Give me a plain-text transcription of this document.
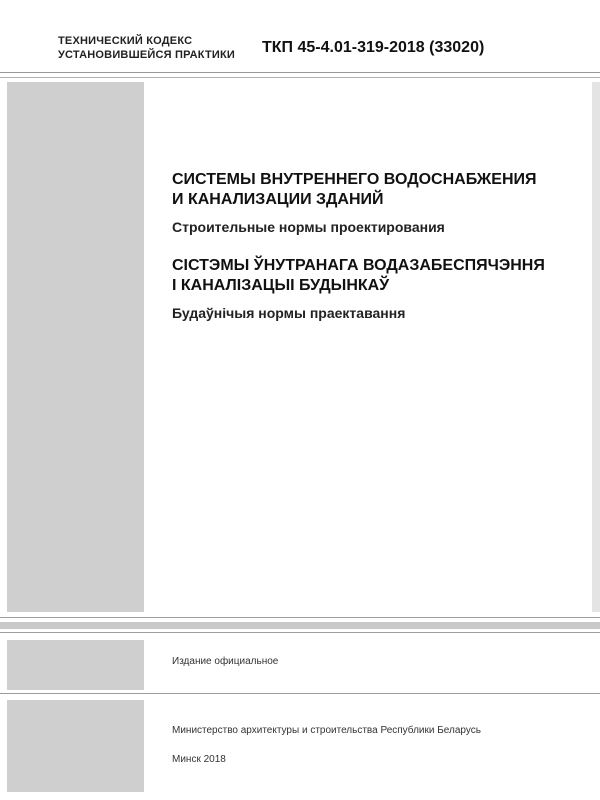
ТЕХНИЧЕСКИЙ КОДЕКС
УСТАНОВИВШЕЙСЯ ПРАКТИКИ ТКП 45-4.01-319-2018 (33020)
СИСТЕМЫ ВНУТРЕННЕГО ВОДОСНАБЖЕНИЯ
И КАНАЛИЗАЦИИ ЗДАНИЙ
Строительные нормы проектирования
СІСТЭМЫ ЎНУТРАНАГА ВОДАЗАБЕСПЯЧЭННЯ
І КАНАЛІЗАЦЫІ БУДЫНКАЎ
Будаўнічыя нормы праектавання
Издание официальное
Министерство архитектуры и строительства Республики Беларусь
Минск 2018
